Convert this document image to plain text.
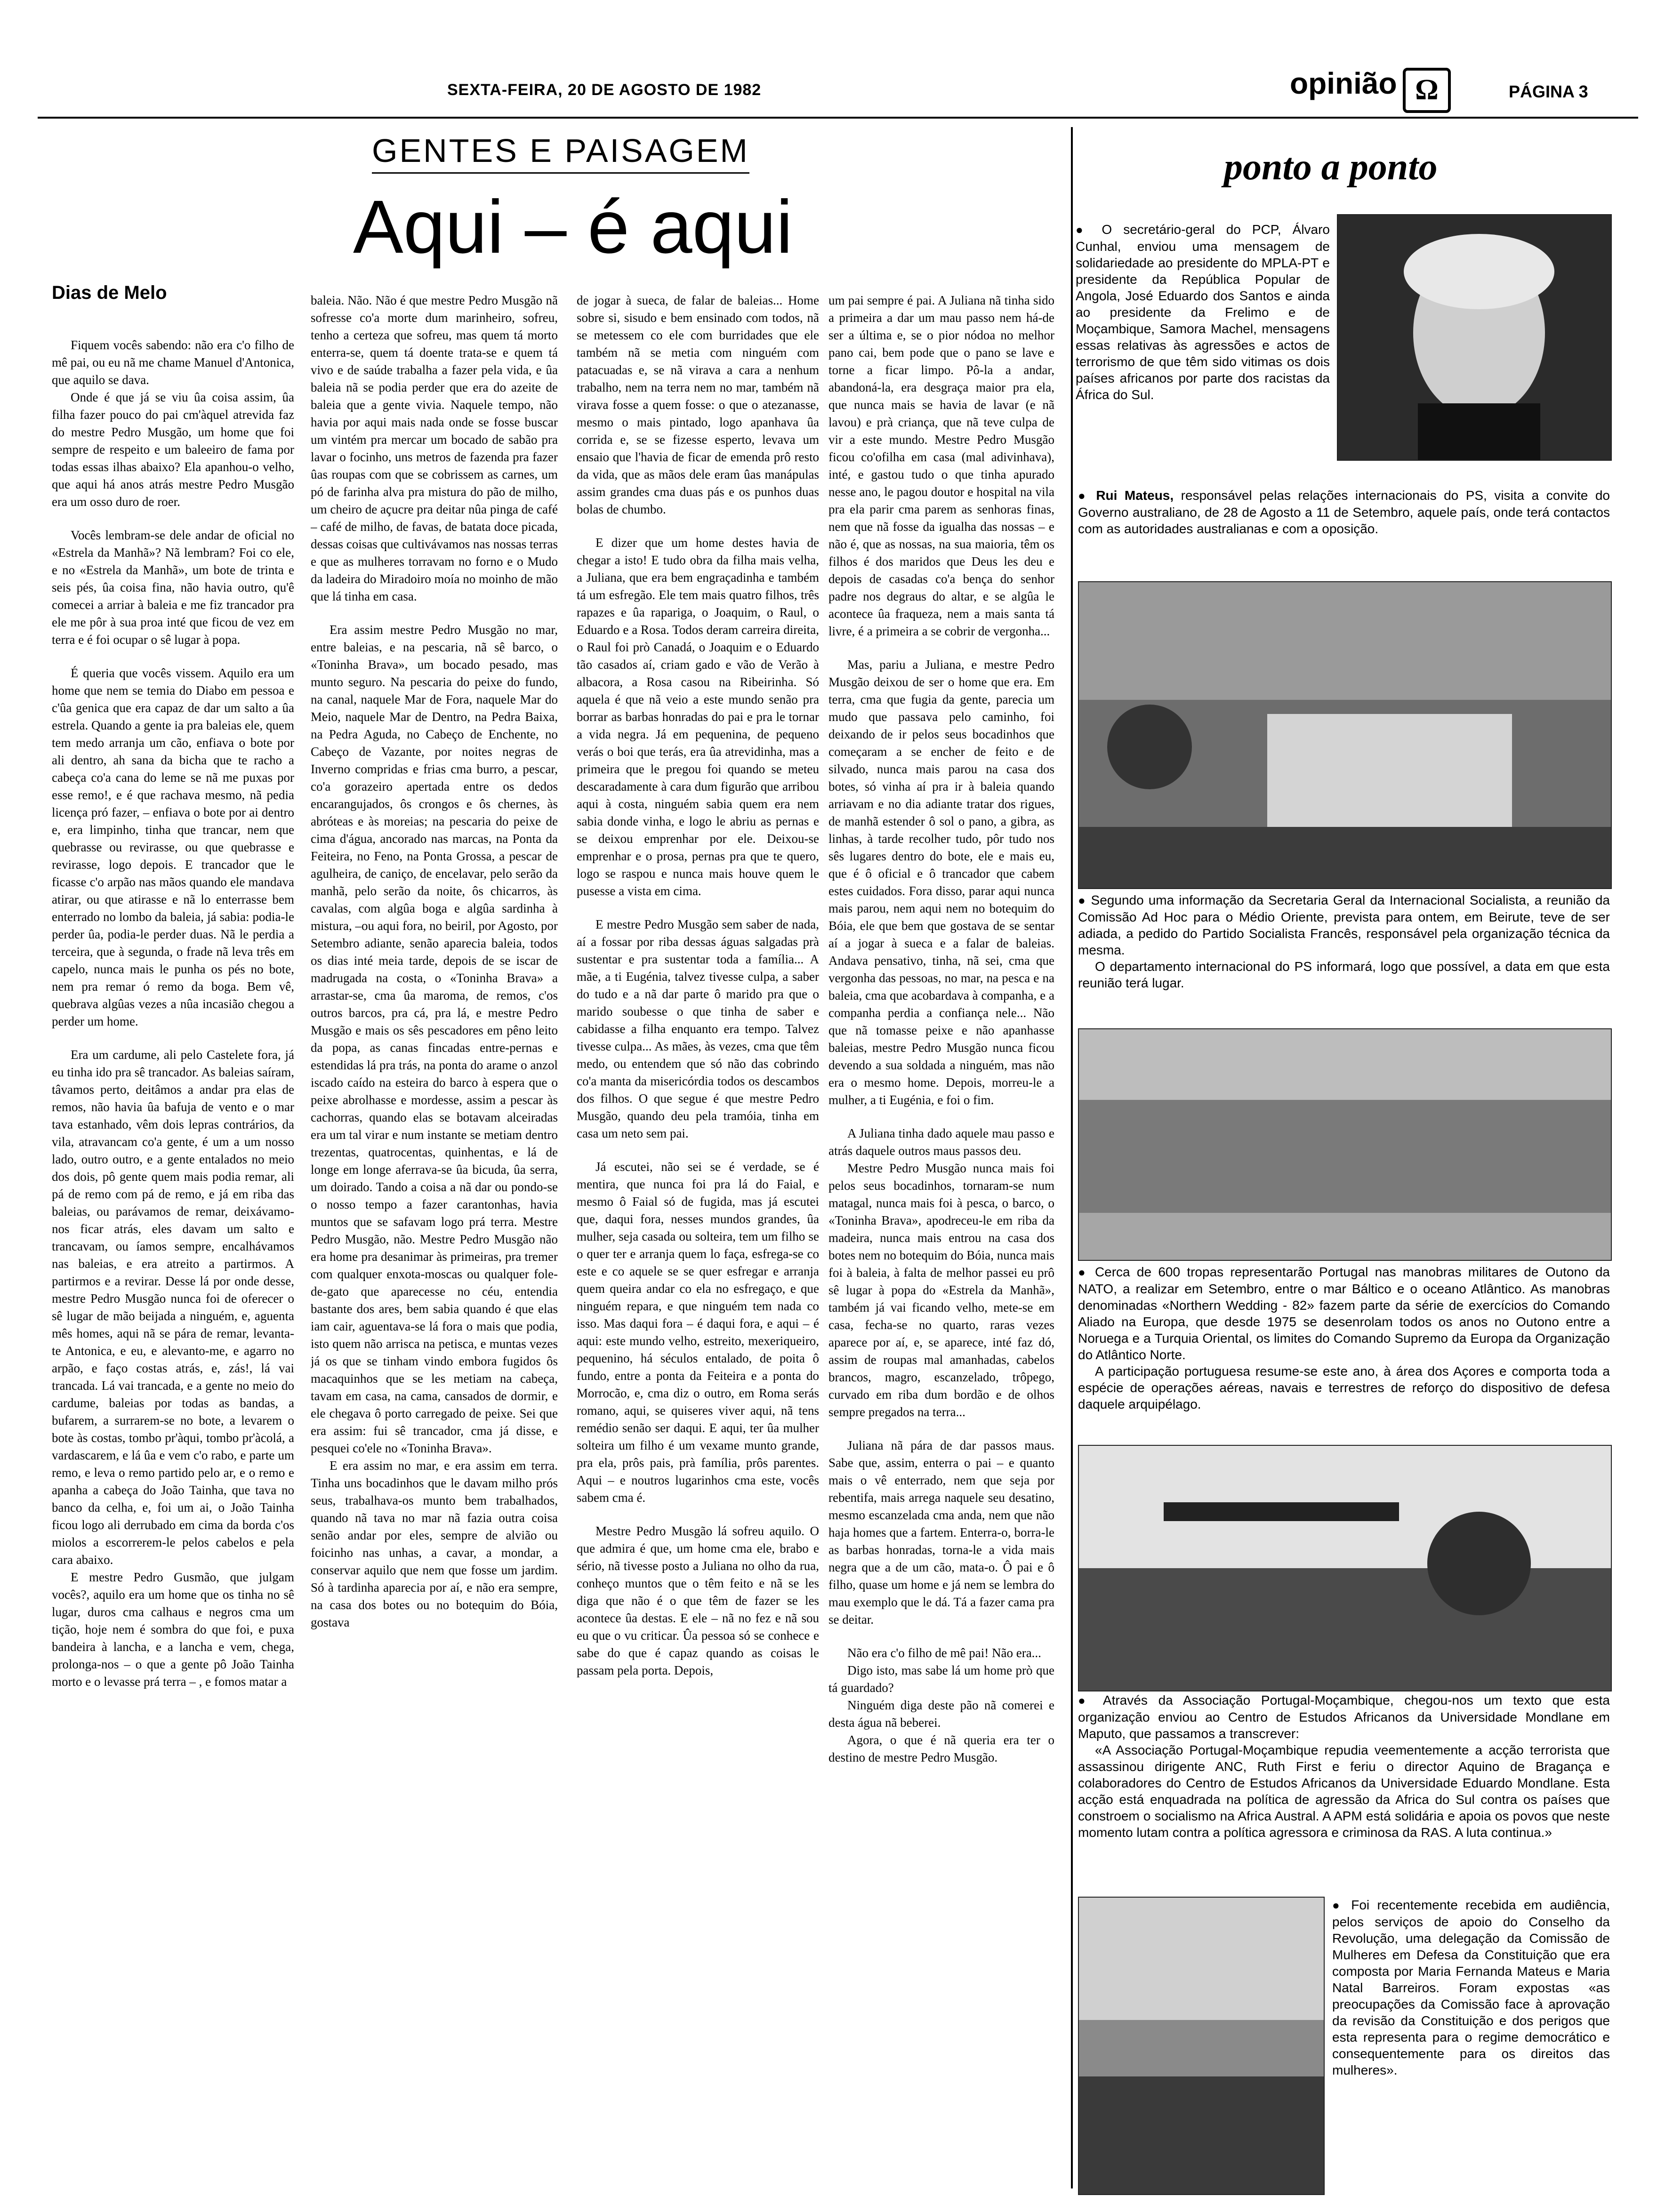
SEXTA-FEIRA, 20 DE AGOSTO DE 1982	opinião Ω	PÁGINA 3
GENTES E PAISAGEM
Aqui – é aqui
Dias de Melo

Fiquem vocês sabendo: não era c'o filho de mê pai, ou eu nã me chame Manuel d'Antonica, que aquilo se dava.

Onde é que já se viu ûa coisa assim, ûa filha fazer pouco do pai cm'àquel atrevida faz do mestre Pedro Musgão, um home que foi sempre de respeito e um baleeiro de fama por todas essas ilhas abaixo? Ela apanhou-o velho, que aqui há anos atrás mestre Pedro Musgão era um osso duro de roer.

Vocês lembram-se dele andar de oficial no «Estrela da Manhã»? Nã lembram? Foi co ele, e no «Estrela da Manhã», um bote de trinta e seis pés, ûa coisa fina, não havia outro, qu'ê comecei a arriar à baleia e me fiz trancador pra ele me pôr à sua proa inté que ficou de vez em terra e é foi ocupar o sê lugar à popa.

É queria que vocês vissem. Aquilo era um home que nem se temia do Diabo em pessoa e c'ûa genica que era capaz de dar um salto a ûa estrela. Quando a gente ia pra baleias ele, quem tem medo arranja um cão, enfiava o bote por ali dentro, ah sana da bicha que te racho a cabeça co'a cana do leme se nã me puxas por esse remo!, e é que rachava mesmo, nã pedia licença pró fazer, – enfiava o bote por ai dentro e, era limpinho, tinha que trancar, nem que quebrasse ou revirasse, ou que quebrasse e revirasse, logo depois. E trancador que le ficasse c'o arpão nas mãos quando ele mandava atirar, ou que atirasse e nã lo enterrasse bem enterrado no lombo da baleia, já sabia: podia-le perder ûa, podia-le perder duas. Nã le perdia a terceira, que à segunda, o frade nã leva três em capelo, nunca mais le punha os pés no bote, nem pra remar ó remo da boga. Bem vê, quebrava algûas vezes a nûa incasião chegou a perder um home.

Era um cardume, ali pelo Castelete fora, já eu tinha ido pra sê trancador. As baleias saíram, tâvamos perto, deitâmos a andar pra elas de remos, não havia ûa bafuja de vento e o mar tava estanhado, vêm dois lepras contrários, da vila, atravancam co'a gente, é um a um nosso lado, outro outro, e a gente entalados no meio dos dois, pô gente quem mais podia remar, ali pá de remo com pá de remo, e já em riba das baleias, ou parávamos de remar, deixávamo-nos ficar atrás, eles davam um salto e trancavam, ou íamos sempre, encalhávamos nas baleias, e era atreito a partirmos. A partirmos e a revirar. Desse lá por onde desse, mestre Pedro Musgão nunca foi de oferecer o sê lugar de mão beijada a ninguém, e, aguenta mês homes, aqui nã se pára de remar, levanta-te Antonica, e eu, e alevanto-me, e agarro no arpão, e faço costas atrás, e, zás!, lá vai trancada. Lá vai trancada, e a gente no meio do cardume, baleias por todas as bandas, a bufarem, a surrarem-se no bote, a levarem o bote às costas, tombo pr'àqui, tombo pr'àcolá, a vardascarem, e lá ûa e vem c'o rabo, e parte um remo, e leva o remo partido pelo ar, e o remo e apanha a cabeça do João Tainha, que tava no banco da celha, e, foi um ai, o João Tainha ficou logo ali derrubado em cima da borda c'os miolos a escorrerem-le pelos cabelos e pela cara abaixo.

E mestre Pedro Gusmão, que julgam vocês?, aquilo era um home que os tinha no sê lugar, duros cma calhaus e negros cma um tição, hoje nem é sombra do que foi, e puxa bandeira à lancha, e a lancha e vem, chega, prolonga-nos – o que a gente pô João Tainha morto e o levasse prá terra – , e fomos matar a

baleia. Não. Não é que mestre Pedro Musgão nã sofresse co'a morte dum marinheiro, sofreu, tenho a certeza que sofreu, mas quem tá morto enterra-se, quem tá doente trata-se e quem tá vivo e de saúde trabalha a fazer pela vida, e ûa baleia nã se podia perder que era do azeite de baleia que a gente vivia. Naquele tempo, não havia por aqui mais nada onde se fosse buscar um vintém pra mercar um bocado de sabão pra lavar o focinho, uns metros de fazenda pra fazer ûas roupas com que se cobrissem as carnes, um pó de farinha alva pra mistura do pão de milho, um cheiro de açucre pra deitar nûa pinga de café – café de milho, de favas, de batata doce picada, dessas coisas que cultivávamos nas nossas terras e que as mulheres torravam no forno e o Mudo da ladeira do Miradoiro moía no moinho de mão que lá tinha em casa.

Era assim mestre Pedro Musgão no mar, entre baleias, e na pescaria, nã sê barco, o «Toninha Brava», um bocado pesado, mas munto seguro. Na pescaria do peixe do fundo, na canal, naquele Mar de Fora, naquele Mar do Meio, naquele Mar de Dentro, na Pedra Baixa, na Pedra Aguda, no Cabeço de Enchente, no Cabeço de Vazante, por noites negras de Inverno compridas e frias cma burro, a pescar, co'a gorazeiro apertada entre os dedos encarangujados, ôs crongos e ôs chernes, às abróteas e às moreias; na pescaria do peixe de cima d'água, ancorado nas marcas, na Ponta da Feiteira, no Feno, na Ponta Grossa, a pescar de agulheira, de caniço, de encelavar, pelo serão da manhã, pelo serão da noite, ôs chicarros, às cavalas, com algûa boga e algûa sardinha à mistura, –ou aqui fora, no beiril, por Agosto, por Setembro adiante, senão aparecia baleia, todos os dias inté meia tarde, depois de se iscar de madrugada na costa, o «Toninha Brava» a arrastar-se, cma ûa maroma, de remos, c'os outros barcos, pra cá, pra lá, e mestre Pedro Musgão e mais os sês pescadores em pêno leito da popa, as canas fincadas entre-pernas e estendidas lá pra trás, na ponta do arame o anzol iscado caído na esteira do barco à espera que o peixe abrolhasse e mordesse, assim a pescar às cachorras, quando elas se botavam alceiradas era um tal virar e num instante se metiam dentro trezentas, quatrocentas, quinhentas, e lá de longe em longe aferrava-se ûa bicuda, ûa serra, um doirado. Tando a coisa a nã dar ou pondo-se o nosso tempo a fazer carantonhas, havia muntos que se safavam logo prá terra. Mestre Pedro Musgão, não. Mestre Pedro Musgão não era home pra desanimar às primeiras, pra tremer com qualquer enxota-moscas ou qualquer fole-de-gato que aparecesse no céu, entendia bastante dos ares, bem sabia quando é que elas iam cair, aguentava-se lá fora o mais que podia, isto quem não arrisca na petisca, e muntas vezes já os que se tinham vindo embora fugidos ôs macaquinhos que se les metiam na cabeça, tavam em casa, na cama, cansados de dormir, e ele chegava ô porto carregado de peixe. Sei que era assim: fui sê trancador, cma já disse, e pesquei co'ele no «Toninha Brava».

E era assim no mar, e era assim em terra. Tinha uns bocadinhos que le davam milho prós seus, trabalhava-os munto bem trabalhados, quando nã tava no mar nã fazia outra coisa senão andar por eles, sempre de alvião ou foicinho nas unhas, a cavar, a mondar, a conservar aquilo que nem que fosse um jardim. Só à tardinha aparecia por aí, e não era sempre, na casa dos botes ou no botequim do Bóia, gostava

de jogar à sueca, de falar de baleias... Home sobre si, sisudo e bem ensinado com todos, nã se metessem co ele com burridades que ele também nã se metia com ninguém com patacuadas e, se nã virava a cara a nenhum trabalho, nem na terra nem no mar, também nã virava fosse a quem fosse: o que o atezanasse, mesmo o mais pintado, logo apanhava ûa corrida e, se se fizesse esperto, levava um ensaio que l'havia de ficar de emenda prô resto da vida, que as mãos dele eram ûas manápulas assim grandes cma duas pás e os punhos duas bolas de chumbo.

E dizer que um home destes havia de chegar a isto! E tudo obra da filha mais velha, a Juliana, que era bem engraçadinha e também tá um esfregão. Ele tem mais quatro filhos, três rapazes e ûa rapariga, o Joaquim, o Raul, o Eduardo e a Rosa. Todos deram carreira direita, o Raul foi prò Canadá, o Joaquim e o Eduardo tão casados aí, criam gado e vão de Verão à albacora, a Rosa casou na Ribeirinha. Só aquela é que nã veio a este mundo senão pra borrar as barbas honradas do pai e pra le tornar a vida negra. Já em pequenina, de pequeno verás o boi que terás, era ûa atrevidinha, mas a primeira que le pregou foi quando se meteu descaradamente à cara dum figurão que arribou aqui à costa, ninguém sabia quem era nem sabia donde vinha, e logo le abriu as pernas e se deixou emprenhar por ele. Deixou-se emprenhar e o prosa, pernas pra que te quero, logo se raspou e nunca mais houve quem le pusesse a vista em cima.

E mestre Pedro Musgão sem saber de nada, aí a fossar por riba dessas águas salgadas prà sustentar e pra sustentar toda a família... A mãe, a ti Eugénia, talvez tivesse culpa, a saber do tudo e a nã dar parte ô marido pra que o marido soubesse o que tinha de saber e cabidasse a filha enquanto era tempo. Talvez tivesse culpa... As mães, às vezes, cma que têm medo, ou entendem que só não das cobrindo co'a manta da misericórdia todos os descambos dos filhos. O que segue é que mestre Pedro Musgão, quando deu pela tramóia, tinha em casa um neto sem pai.

Já escutei, não sei se é verdade, se é mentira, que nunca foi pra lá do Faial, e mesmo ô Faial só de fugida, mas já escutei que, daqui fora, nesses mundos grandes, ûa mulher, seja casada ou solteira, tem um filho se o quer ter e arranja quem lo faça, esfrega-se co este e co aquele se se quer esfregar e arranja quem queira andar co ela no esfregaço, e que ninguém repara, e que ninguém tem nada co isso. Mas daqui fora – é daqui fora, e aqui – é aqui: este mundo velho, estreito, mexeriqueiro, pequenino, há séculos entalado, de poita ô fundo, entre a ponta da Feiteira e a ponta do Morrocão, e, cma diz o outro, em Roma serás romano, aqui, se quiseres viver aqui, nã tens remédio senão ser daqui. E aqui, ter ûa mulher solteira um filho é um vexame munto grande, pra ela, prôs pais, prà família, prôs parentes. Aqui – e noutros lugarinhos cma este, vocês sabem cma é.

Mestre Pedro Musgão lá sofreu aquilo. O que admira é que, um home cma ele, brabo e sério, nã tivesse posto a Juliana no olho da rua, conheço muntos que o têm feito e nã se les diga que não é o que têm de fazer se les acontece ûa destas. E ele – nã no fez e nã sou eu que o vu criticar. Ûa pessoa só se conhece e sabe do que é capaz quando as coisas le passam pela porta. Depois,

um pai sempre é pai. A Juliana nã tinha sido a primeira a dar um mau passo nem há-de ser a última e, se o pior nódoa no melhor pano cai, bem pode que o pano se lave e torne a ficar limpo. Pô-la a andar, abandoná-la, era desgraça maior pra ela, que nunca mais se havia de lavar (e nã lavou) e prà criança, que nã teve culpa de vir a este mundo. Mestre Pedro Musgão ficou co'ofilha em casa (mal adivinhava), inté, e gastou tudo o que tinha apurado nesse ano, le pagou doutor e hospital na vila pra ela parir cma parem as senhoras finas, nem que nã fosse da igualha das nossas – e não é, que as nossas, na sua maioria, têm os filhos é dos maridos que Deus les deu e depois de casadas co'a bença do senhor padre nos degraus do altar, e se algûa le acontece ûa fraqueza, nem a mais santa tá livre, é a primeira a se cobrir de vergonha...

Mas, pariu a Juliana, e mestre Pedro Musgão deixou de ser o home que era. Em terra, cma que fugia da gente, parecia um mudo que passava pelo caminho, foi deixando de ir pelos seus bocadinhos que começaram a se encher de feito e de silvado, nunca mais parou na casa dos botes, só vinha aí pra ir à baleia quando arriavam e no dia adiante tratar dos rigues, de manhã estender ô sol o pano, a gibra, as linhas, à tarde recolher tudo, pôr tudo nos sês lugares dentro do bote, ele e mais eu, que é ô oficial e ô trancador que cabem estes cuidados. Fora disso, parar aqui nunca mais parou, nem aqui nem no botequim do Bóia, ele que bem que gostava de se sentar aí a jogar à sueca e a falar de baleias. Andava pensativo, tinha, nã sei, cma que vergonha das pessoas, no mar, na pesca e na baleia, cma que acobardava à companha, e a companha perdia a confiança nele... Não que nã tomasse peixe e não apanhasse baleias, mestre Pedro Musgão nunca ficou devendo a sua soldada a ninguém, mas não era o mesmo home. Depois, morreu-le a mulher, a ti Eugénia, e foi o fim.

A Juliana tinha dado aquele mau passo e atrás daquele outros maus passos deu.

Mestre Pedro Musgão nunca mais foi pelos seus bocadinhos, tornaram-se num matagal, nunca mais foi à pesca, o barco, o «Toninha Brava», apodreceu-le em riba da madeira, nunca mais entrou na casa dos botes nem no botequim do Bóia, nunca mais foi à baleia, à falta de melhor passei eu prô sê lugar à popa do «Estrela da Manhã», também já vai ficando velho, mete-se em casa, fecha-se no quarto, raras vezes aparece por aí, e, se aparece, inté faz dó, assim de roupas mal amanhadas, cabelos brancos, magro, escanzelado, trôpego, curvado em riba dum bordão e de olhos sempre pregados na terra...

Juliana nã pára de dar passos maus. Sabe que, assim, enterra o pai – e quanto mais o vê enterrado, nem que seja por rebentifa, mais arrega naquele seu desatino, mesmo escanzelada cma anda, nem que não haja homes que a fartem. Enterra-o, borra-le as barbas honradas, torna-le a vida mais negra que a de um cão, mata-o. Ô pai e ô filho, quase um home e já nem se lembra do mau exemplo que le dá. Tá a fazer cama pra se deitar.

Não era c'o filho de mê pai! Não era...

Digo isto, mas sabe lá um home prò que tá guardado?

Ninguém diga deste pão nã comerei e desta água nã beberei.

Agora, o que é nã queria era ter o destino de mestre Pedro Musgão.

ponto a ponto
● O secretário-geral do PCP, Álvaro Cunhal, enviou uma mensagem de solidariedade ao presidente do MPLA-PT e presidente da República Popular de Angola, José Eduardo dos Santos e ainda ao presidente da Frelimo e de Moçambique, Samora Machel, mensagens essas relativas às agressões e actos de terrorismo de que têm sido vitimas os dois países africanos por parte dos racistas da África do Sul.
● Rui Mateus, responsável pelas relações internacionais do PS, visita a convite do Governo australiano, de 28 de Agosto a 11 de Setembro, aquele país, onde terá contactos com as autoridades australianas e com a oposição.
● Segundo uma informação da Secretaria Geral da Internacional Socialista, a reunião da Comissão Ad Hoc para o Médio Oriente, prevista para ontem, em Beirute, teve de ser adiada, a pedido do Partido Socialista Francês, responsável pela organização técnica da mesma.
O departamento internacional do PS informará, logo que possível, a data em que esta reunião terá lugar.
● Cerca de 600 tropas representarão Portugal nas manobras militares de Outono da NATO, a realizar em Setembro, entre o mar Báltico e o oceano Atlântico. As manobras denominadas «Northern Wedding - 82» fazem parte da série de exercícios do Comando Aliado na Europa, que desde 1975 se desenrolam todos os anos no Outono entre a Noruega e a Turquia Oriental, os limites do Comando Supremo da Europa da Organização do Atlântico Norte.
A participação portuguesa resume-se este ano, à área dos Açores e comporta toda a espécie de operações aéreas, navais e terrestres de reforço do dispositivo de defesa daquele arquipélago.
● Através da Associação Portugal-Moçambique, chegou-nos um texto que esta organização enviou ao Centro de Estudos Africanos da Universidade Mondlane em Maputo, que passamos a transcrever:
«A Associação Portugal-Moçambique repudia veementemente a acção terrorista que assassinou dirigente ANC, Ruth First e feriu o director Aquino de Bragança e colaboradores do Centro de Estudos Africanos da Universidade Eduardo Mondlane. Esta acção está enquadrada na política de agressão da Africa do Sul contra os países que constroem o socialismo na Africa Austral. A APM está solidária e apoia os povos que neste momento lutam contra a política agressora e criminosa da RAS. A luta continua.»
● Foi recentemente recebida em audiência, pelos serviços de apoio do Conselho da Revolução, uma delegação da Comissão de Mulheres em Defesa da Constituição que era composta por Maria Fernanda Mateus e Maria Natal Barreiros. Foram expostas «as preocupações da Comissão face à aprovação da revisão da Constituição e dos perigos que esta representa para o regime democrático e consequentemente para os direitos das mulheres».
